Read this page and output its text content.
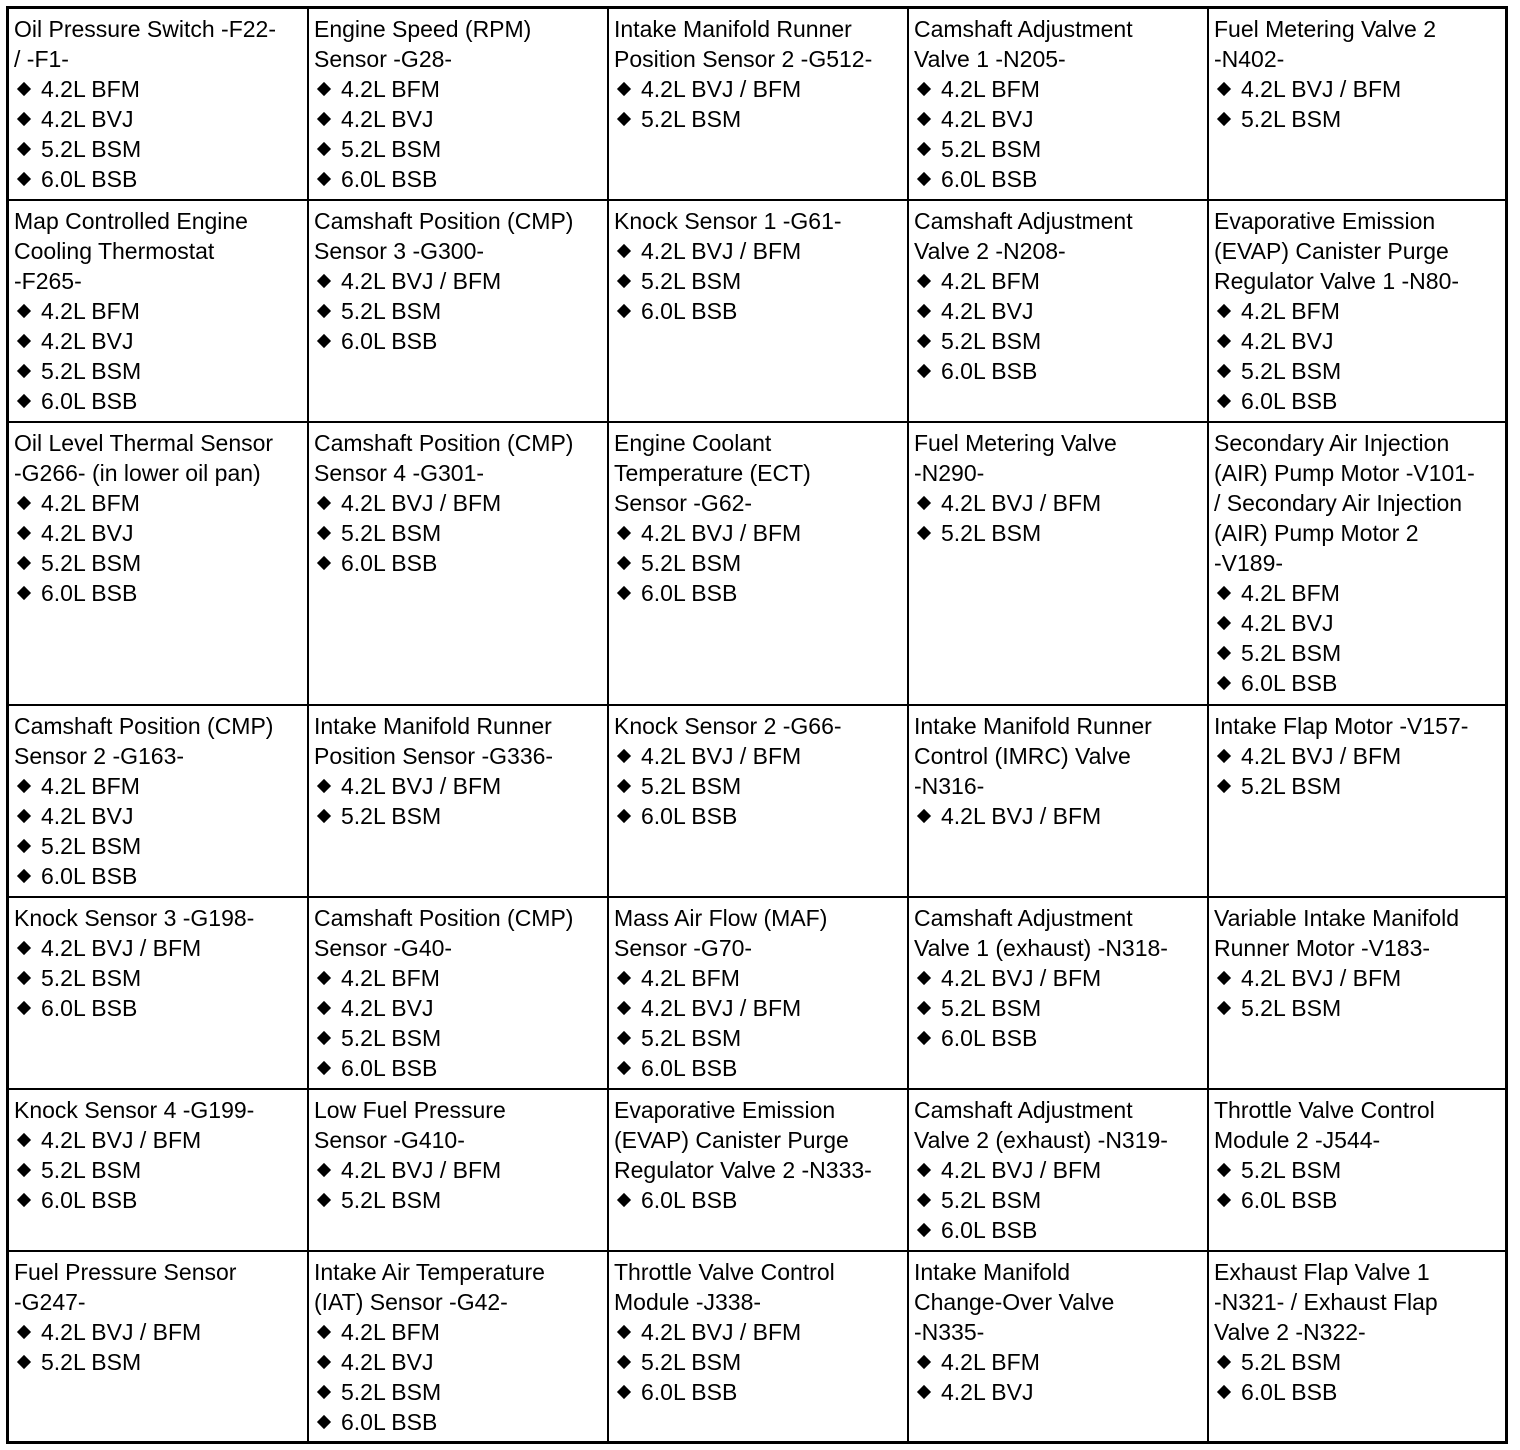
Oil Pressure Switch -F22-
/ -F1-
4.2L BFM
4.2L BVJ
5.2L BSM
6.0L BSB
Engine Speed (RPM)
Sensor -G28-
4.2L BFM
4.2L BVJ
5.2L BSM
6.0L BSB
Intake Manifold Runner
Position Sensor 2 -G512-
4.2L BVJ / BFM
5.2L BSM
Camshaft Adjustment
Valve 1 -N205-
4.2L BFM
4.2L BVJ
5.2L BSM
6.0L BSB
Fuel Metering Valve 2
-N402-
4.2L BVJ / BFM
5.2L BSM
Map Controlled Engine
Cooling Thermostat
-F265-
4.2L BFM
4.2L BVJ
5.2L BSM
6.0L BSB
Camshaft Position (CMP)
Sensor 3 -G300-
4.2L BVJ / BFM
5.2L BSM
6.0L BSB
Knock Sensor 1 -G61-
4.2L BVJ / BFM
5.2L BSM
6.0L BSB
Camshaft Adjustment
Valve 2 -N208-
4.2L BFM
4.2L BVJ
5.2L BSM
6.0L BSB
Evaporative Emission
(EVAP) Canister Purge
Regulator Valve 1 -N80-
4.2L BFM
4.2L BVJ
5.2L BSM
6.0L BSB
Oil Level Thermal Sensor
-G266- (in lower oil pan)
4.2L BFM
4.2L BVJ
5.2L BSM
6.0L BSB
Camshaft Position (CMP)
Sensor 4 -G301-
4.2L BVJ / BFM
5.2L BSM
6.0L BSB
Engine Coolant
Temperature (ECT)
Sensor -G62-
4.2L BVJ / BFM
5.2L BSM
6.0L BSB
Fuel Metering Valve
-N290-
4.2L BVJ / BFM
5.2L BSM
Secondary Air Injection
(AIR) Pump Motor -V101-
/ Secondary Air Injection
(AIR) Pump Motor 2
-V189-
4.2L BFM
4.2L BVJ
5.2L BSM
6.0L BSB
Camshaft Position (CMP)
Sensor 2 -G163-
4.2L BFM
4.2L BVJ
5.2L BSM
6.0L BSB
Intake Manifold Runner
Position Sensor -G336-
4.2L BVJ / BFM
5.2L BSM
Knock Sensor 2 -G66-
4.2L BVJ / BFM
5.2L BSM
6.0L BSB
Intake Manifold Runner
Control (IMRC) Valve
-N316-
4.2L BVJ / BFM
Intake Flap Motor -V157-
4.2L BVJ / BFM
5.2L BSM
Knock Sensor 3 -G198-
4.2L BVJ / BFM
5.2L BSM
6.0L BSB
Camshaft Position (CMP)
Sensor -G40-
4.2L BFM
4.2L BVJ
5.2L BSM
6.0L BSB
Mass Air Flow (MAF)
Sensor -G70-
4.2L BFM
4.2L BVJ / BFM
5.2L BSM
6.0L BSB
Camshaft Adjustment
Valve 1 (exhaust) -N318-
4.2L BVJ / BFM
5.2L BSM
6.0L BSB
Variable Intake Manifold
Runner Motor -V183-
4.2L BVJ / BFM
5.2L BSM
Knock Sensor 4 -G199-
4.2L BVJ / BFM
5.2L BSM
6.0L BSB
Low Fuel Pressure
Sensor -G410-
4.2L BVJ / BFM
5.2L BSM
Evaporative Emission
(EVAP) Canister Purge
Regulator Valve 2 -N333-
6.0L BSB
Camshaft Adjustment
Valve 2 (exhaust) -N319-
4.2L BVJ / BFM
5.2L BSM
6.0L BSB
Throttle Valve Control
Module 2 -J544-
5.2L BSM
6.0L BSB
Fuel Pressure Sensor
-G247-
4.2L BVJ / BFM
5.2L BSM
Intake Air Temperature
(IAT) Sensor -G42-
4.2L BFM
4.2L BVJ
5.2L BSM
6.0L BSB
Throttle Valve Control
Module -J338-
4.2L BVJ / BFM
5.2L BSM
6.0L BSB
Intake Manifold
Change-Over Valve
-N335-
4.2L BFM
4.2L BVJ
Exhaust Flap Valve 1
-N321- / Exhaust Flap
Valve 2 -N322-
5.2L BSM
6.0L BSB
